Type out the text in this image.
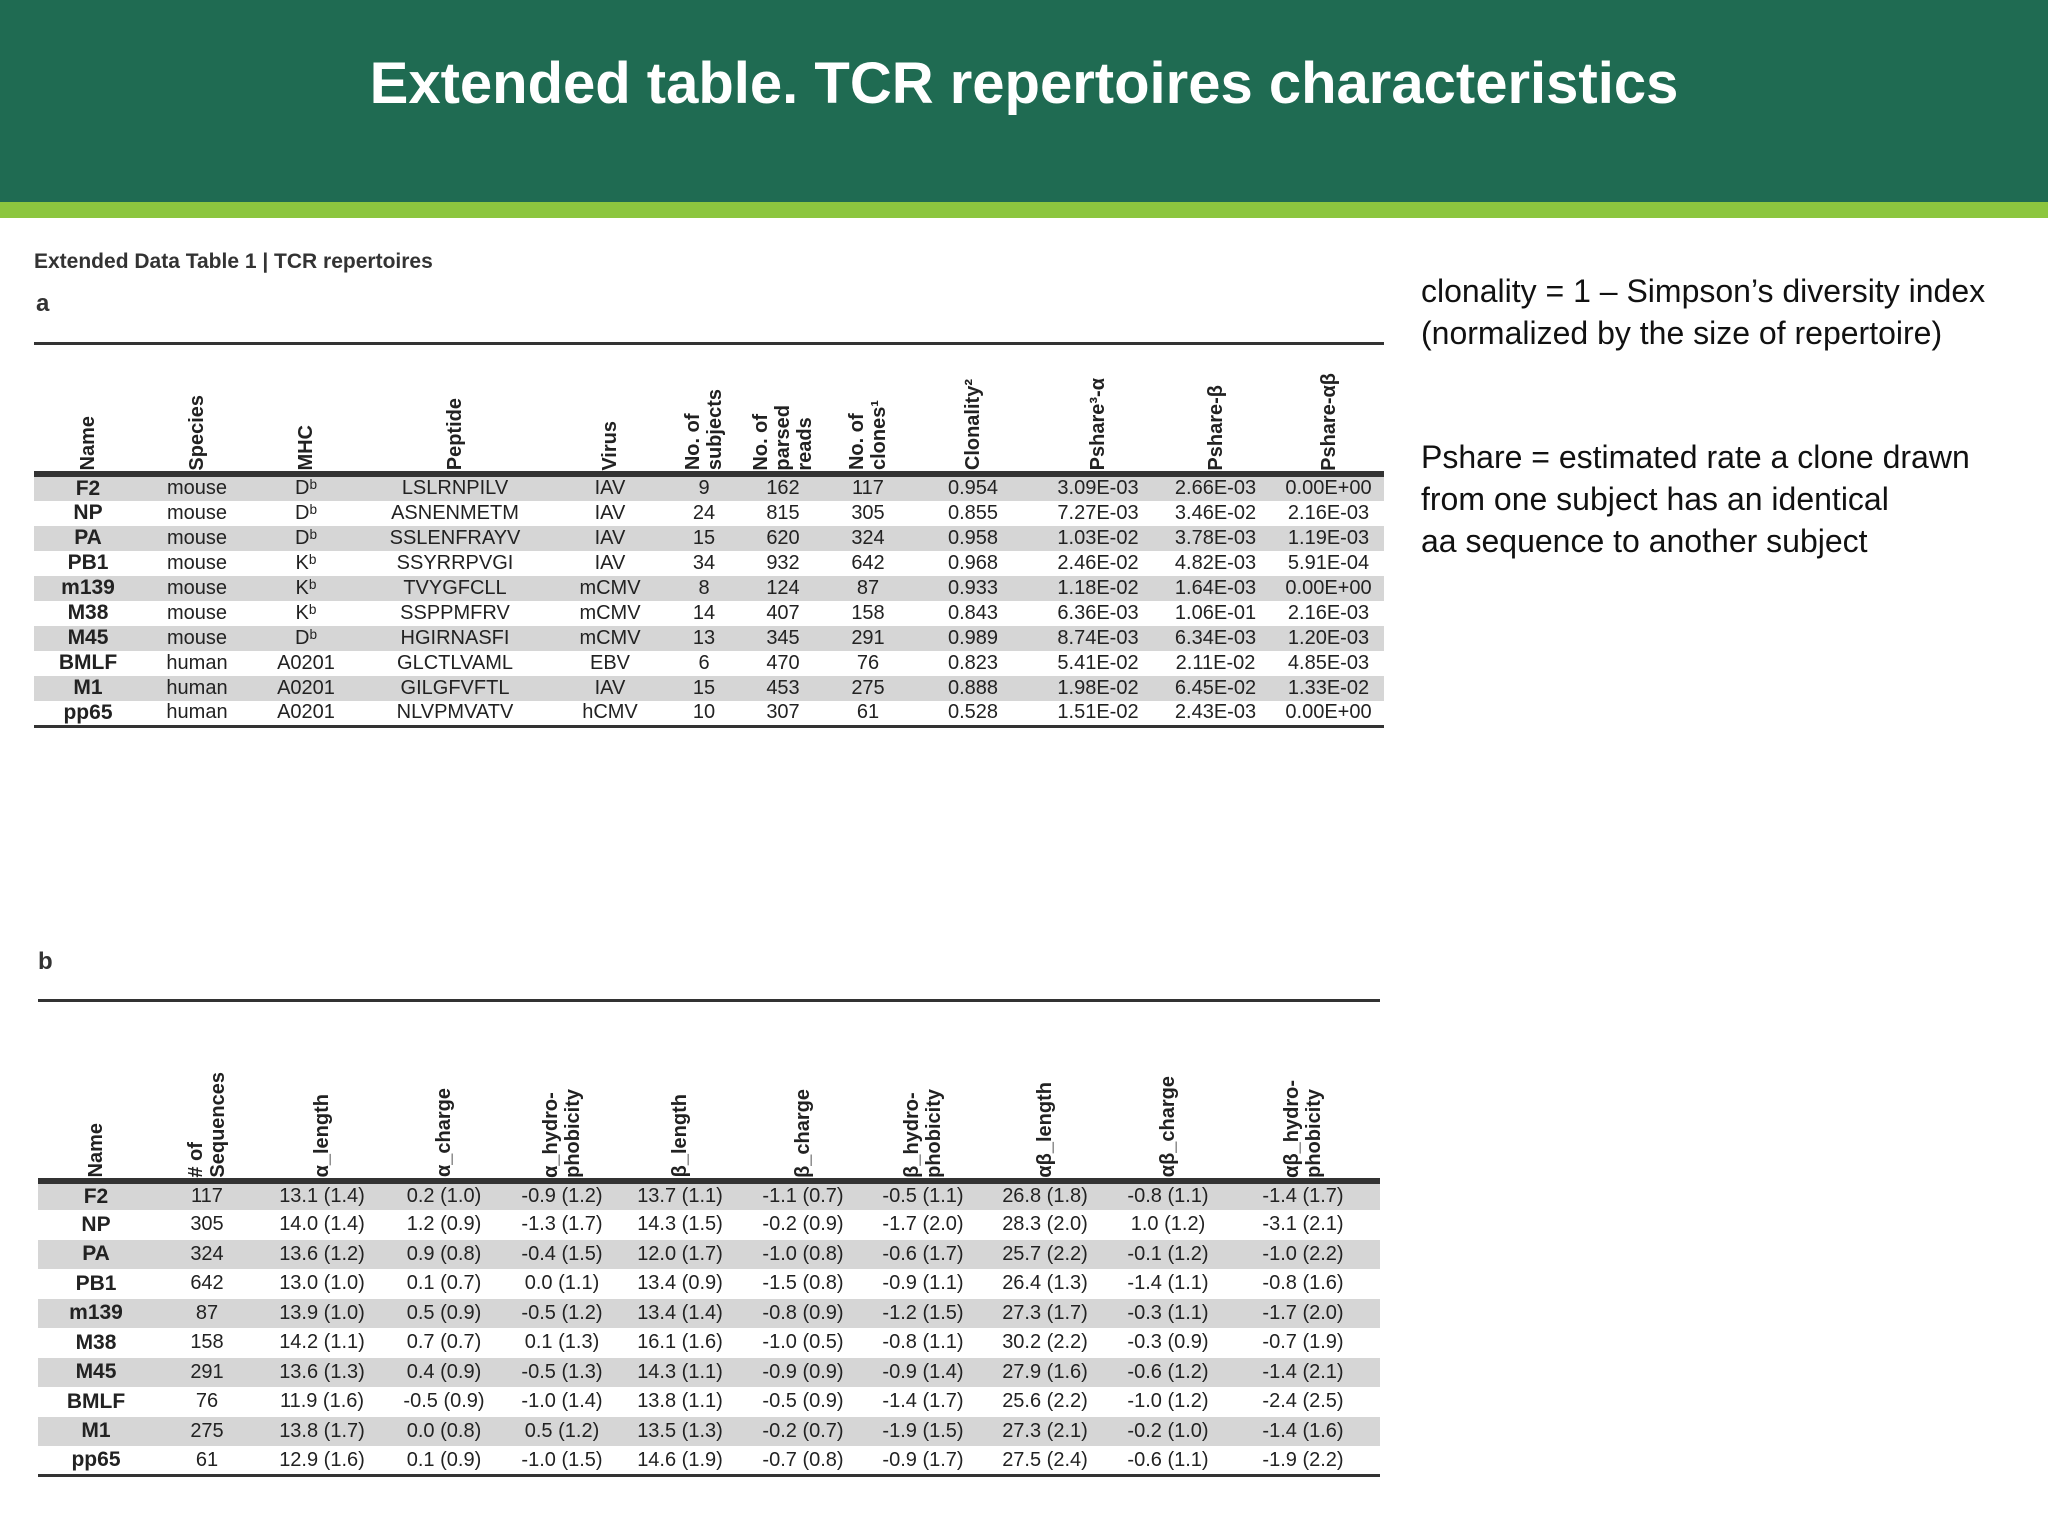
Extended table. TCR repertoires characteristics
Extended Data Table 1 | TCR repertoires
a
b
Name	Species	MHC	Peptide	Virus	No. of
subjects	No. of
parsed
reads	No. of
clones¹	Clonality²	Pshare³-α	Pshare-β	Pshare-αβ

F2	mouse	Dᵇ	LSLRNPILV	IAV	9	162	117	0.954	3.09E-03	2.66E-03	0.00E+00
NP	mouse	Dᵇ	ASNENMETM	IAV	24	815	305	0.855	7.27E-03	3.46E-02	2.16E-03
PA	mouse	Dᵇ	SSLENFRAYV	IAV	15	620	324	0.958	1.03E-02	3.78E-03	1.19E-03
PB1	mouse	Kᵇ	SSYRRPVGI	IAV	34	932	642	0.968	2.46E-02	4.82E-03	5.91E-04
m139	mouse	Kᵇ	TVYGFCLL	mCMV	8	124	87	0.933	1.18E-02	1.64E-03	0.00E+00
M38	mouse	Kᵇ	SSPPMFRV	mCMV	14	407	158	0.843	6.36E-03	1.06E-01	2.16E-03
M45	mouse	Dᵇ	HGIRNASFI	mCMV	13	345	291	0.989	8.74E-03	6.34E-03	1.20E-03
BMLF	human	A0201	GLCTLVAML	EBV	6	470	76	0.823	5.41E-02	2.11E-02	4.85E-03
M1	human	A0201	GILGFVFTL	IAV	15	453	275	0.888	1.98E-02	6.45E-02	1.33E-02
pp65	human	A0201	NLVPMVATV	hCMV	10	307	61	0.528	1.51E-02	2.43E-03	0.00E+00
Name	# of
Sequences	α_length	α_charge	α_hydro-
phobicity	β_length	β_charge	β_hydro-
phobicity	αβ_length	αβ_charge	αβ_hydro-
phobicity

F2	117	13.1 (1.4)	0.2 (1.0)	-0.9 (1.2)	13.7 (1.1)	-1.1 (0.7)	-0.5 (1.1)	26.8 (1.8)	-0.8 (1.1)	-1.4 (1.7)
NP	305	14.0 (1.4)	1.2 (0.9)	-1.3 (1.7)	14.3 (1.5)	-0.2 (0.9)	-1.7 (2.0)	28.3 (2.0)	1.0 (1.2)	-3.1 (2.1)
PA	324	13.6 (1.2)	0.9 (0.8)	-0.4 (1.5)	12.0 (1.7)	-1.0 (0.8)	-0.6 (1.7)	25.7 (2.2)	-0.1 (1.2)	-1.0 (2.2)
PB1	642	13.0 (1.0)	0.1 (0.7)	0.0 (1.1)	13.4 (0.9)	-1.5 (0.8)	-0.9 (1.1)	26.4 (1.3)	-1.4 (1.1)	-0.8 (1.6)
m139	87	13.9 (1.0)	0.5 (0.9)	-0.5 (1.2)	13.4 (1.4)	-0.8 (0.9)	-1.2 (1.5)	27.3 (1.7)	-0.3 (1.1)	-1.7 (2.0)
M38	158	14.2 (1.1)	0.7 (0.7)	0.1 (1.3)	16.1 (1.6)	-1.0 (0.5)	-0.8 (1.1)	30.2 (2.2)	-0.3 (0.9)	-0.7 (1.9)
M45	291	13.6 (1.3)	0.4 (0.9)	-0.5 (1.3)	14.3 (1.1)	-0.9 (0.9)	-0.9 (1.4)	27.9 (1.6)	-0.6 (1.2)	-1.4 (2.1)
BMLF	76	11.9 (1.6)	-0.5 (0.9)	-1.0 (1.4)	13.8 (1.1)	-0.5 (0.9)	-1.4 (1.7)	25.6 (2.2)	-1.0 (1.2)	-2.4 (2.5)
M1	275	13.8 (1.7)	0.0 (0.8)	0.5 (1.2)	13.5 (1.3)	-0.2 (0.7)	-1.9 (1.5)	27.3 (2.1)	-0.2 (1.0)	-1.4 (1.6)
pp65	61	12.9 (1.6)	0.1 (0.9)	-1.0 (1.5)	14.6 (1.9)	-0.7 (0.8)	-0.9 (1.7)	27.5 (2.4)	-0.6 (1.1)	-1.9 (2.2)

clonality = 1 – Simpson’s diversity index

(normalized by the size of repertoire)

Pshare = estimated rate a clone drawn

from one subject has an identical

aa sequence to another subject
